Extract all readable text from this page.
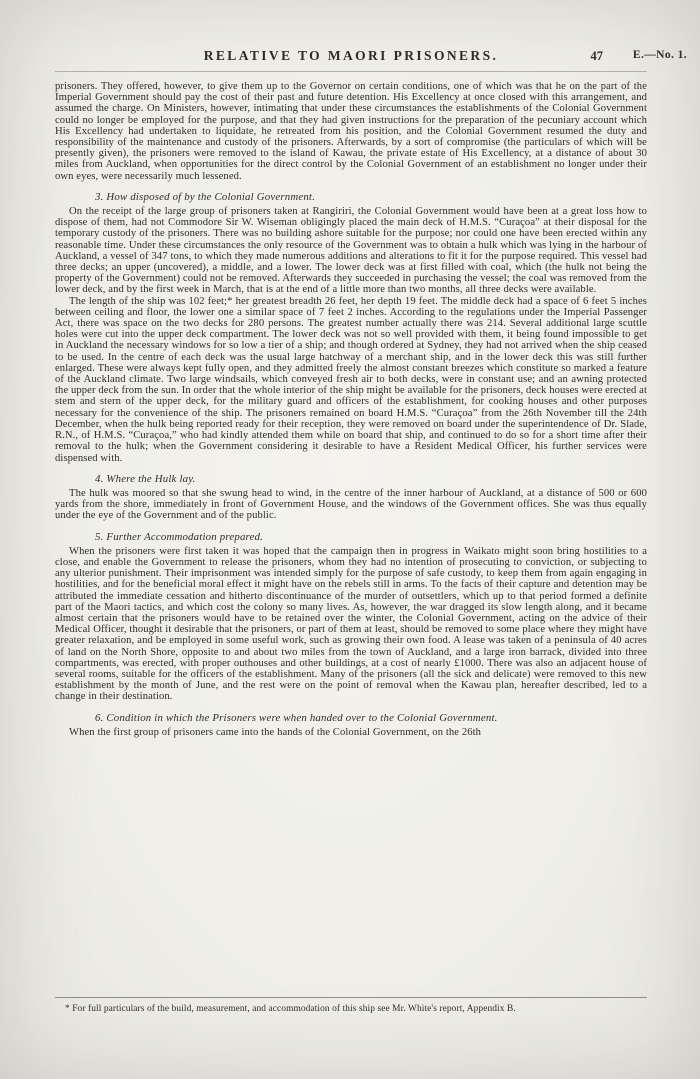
E.—No. 1.
RELATIVE TO MAORI PRISONERS.	47

prisoners. They offered, however, to give them up to the Governor on certain conditions, one of which was that he on the part of the Imperial Government should pay the cost of their past and future detention. His Excellency at once closed with this arrangement, and assumed the charge. On Ministers, however, intimating that under these circumstances the establishments of the Colonial Government could no longer be employed for the purpose, and that they had given instructions for the preparation of the pecuniary account which His Excellency had undertaken to liquidate, he retreated from his position, and the Colonial Government resumed the duty and responsibility of the maintenance and custody of the prisoners. Afterwards, by a sort of compromise (the particulars of which will be presently given), the prisoners were removed to the island of Kawau, the private estate of His Excellency, at a distance of about 30 miles from Auckland, when opportunities for the direct control by the Colonial Government of an establishment no longer under their own eyes, were necessarily much lessened.

3. How disposed of by the Colonial Government.

On the receipt of the large group of prisoners taken at Rangiriri, the Colonial Government would have been at a great loss how to dispose of them, had not Commodore Sir W. Wiseman obligingly placed the main deck of H.M.S. “Curaçoa” at their disposal for the temporary custody of the prisoners. There was no building ashore suitable for the purpose; nor could one have been erected within any reasonable time. Under these circumstances the only resource of the Government was to obtain a hulk which was lying in the harbour of Auckland, a vessel of 347 tons, to which they made numerous additions and alterations to fit it for the purpose required. This vessel had three decks; an upper (uncovered), a middle, and a lower. The lower deck was at first filled with coal, which (the hulk not being the property of the Government) could not be removed. Afterwards they succeeded in purchasing the vessel; the coal was removed from the lower deck, and by the first week in March, that is at the end of a little more than two months, all three decks were available.

The length of the ship was 102 feet;* her greatest breadth 26 feet, her depth 19 feet. The middle deck had a space of 6 feet 5 inches between ceiling and floor, the lower one a similar space of 7 feet 2 inches. According to the regulations under the Imperial Passenger Act, there was space on the two decks for 280 persons. The greatest number actually there was 214. Several additional large scuttle holes were cut into the upper deck compartment. The lower deck was not so well provided with them, it being found impossible to get in Auckland the necessary windows for so low a tier of a ship; and though ordered at Sydney, they had not arrived when the ship ceased to be used. In the centre of each deck was the usual large hatchway of a merchant ship, and in the lower deck this was still further enlarged. These were always kept fully open, and they admitted freely the almost constant breezes which constitute so marked a feature of the Auckland climate. Two large windsails, which conveyed fresh air to both decks, were in constant use; and an awning protected the upper deck from the sun. In order that the whole interior of the ship might be available for the prisoners, deck houses were erected at stem and stern of the upper deck, for the military guard and officers of the establishment, for cooking houses and other purposes necessary for the convenience of the ship. The prisoners remained on board H.M.S. “Curaçoa” from the 26th November till the 24th December, when the hulk being reported ready for their reception, they were removed on board under the superintendence of Dr. Slade, R.N., of H.M.S. “Curaçoa,” who had kindly attended them while on board that ship, and continued to do so for a short time after their removal to the hulk; when the Government considering it desirable to have a Resident Medical Officer, his further services were dispensed with.

4. Where the Hulk lay.

The hulk was moored so that she swung head to wind, in the centre of the inner harbour of Auckland, at a distance of 500 or 600 yards from the shore, immediately in front of Government House, and the windows of the Government offices. She was thus equally under the eye of the Government and of the public.

5. Further Accommodation prepared.

When the prisoners were first taken it was hoped that the campaign then in progress in Waikato might soon bring hostilities to a close, and enable the Government to release the prisoners, whom they had no intention of prosecuting to conviction, or subjecting to any ulterior punishment. Their imprisonment was intended simply for the purpose of safe custody, to keep them from again engaging in hostilities, and for the beneficial moral effect it might have on the rebels still in arms. To the facts of their capture and detention may be attributed the immediate cessation and hitherto discontinuance of the murder of outsettlers, which up to that period formed a definite part of the Maori tactics, and which cost the colony so many lives. As, however, the war dragged its slow length along, and it became almost certain that the prisoners would have to be retained over the winter, the Colonial Government, acting on the advice of their Medical Officer, thought it desirable that the prisoners, or part of them at least, should be removed to some place where they might have greater relaxation, and be employed in some useful work, such as growing their own food. A lease was taken of a peninsula of 40 acres of land on the North Shore, opposite to and about two miles from the town of Auckland, and a large iron barrack, divided into three compartments, was erected, with proper outhouses and other buildings, at a cost of nearly £1000. There was also an adjacent house of several rooms, suitable for the officers of the establishment. Many of the prisoners (all the sick and delicate) were removed to this new establishment by the month of June, and the rest were on the point of removal when the Kawau plan, hereafter described, led to a change in their destination.

6. Condition in which the Prisoners were when handed over to the Colonial Government.

When the first group of prisoners came into the hands of the Colonial Government, on the 26th

* For full particulars of the build, measurement, and accommodation of this ship see Mr. White's report, Appendix B.
